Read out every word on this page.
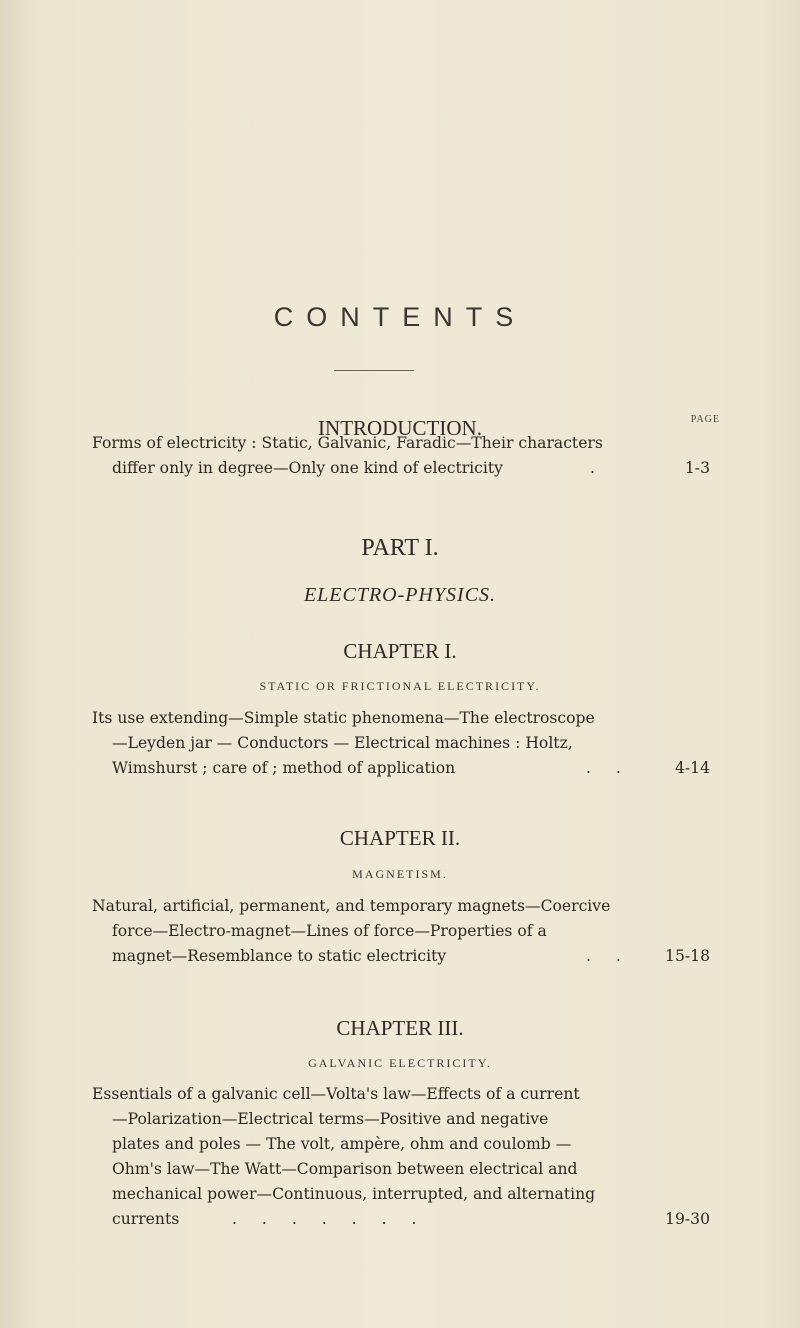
CONTENTS
INTRODUCTION.	PAGE
Forms of electricity : Static, Galvanic, Faradic—Their characters
differ only in degree—Only one kind of electricity	.	1-3
PART I.
ELECTRO-PHYSICS.
CHAPTER I.
STATIC OR FRICTIONAL ELECTRICITY.
Its use extending—Simple static phenomena—The electroscope
—Leyden jar — Conductors — Electrical machines : Holtz,
Wimshurst ; care of ; method of application	. .	4-14
CHAPTER II.
MAGNETISM.
Natural, artificial, permanent, and temporary magnets—Coercive
force—Electro-magnet—Lines of force—Properties of a
magnet—Resemblance to static electricity	. . 15-18
CHAPTER III.
GALVANIC ELECTRICITY.
Essentials of a galvanic cell—Volta's law—Effects of a current
—Polarization—Electrical terms—Positive and negative
plates and poles — The volt, ampère, ohm and coulomb —
Ohm's law—The Watt—Comparison between electrical and
mechanical power—Continuous, interrupted, and alternating
currents	. . . . . . .	19-30
